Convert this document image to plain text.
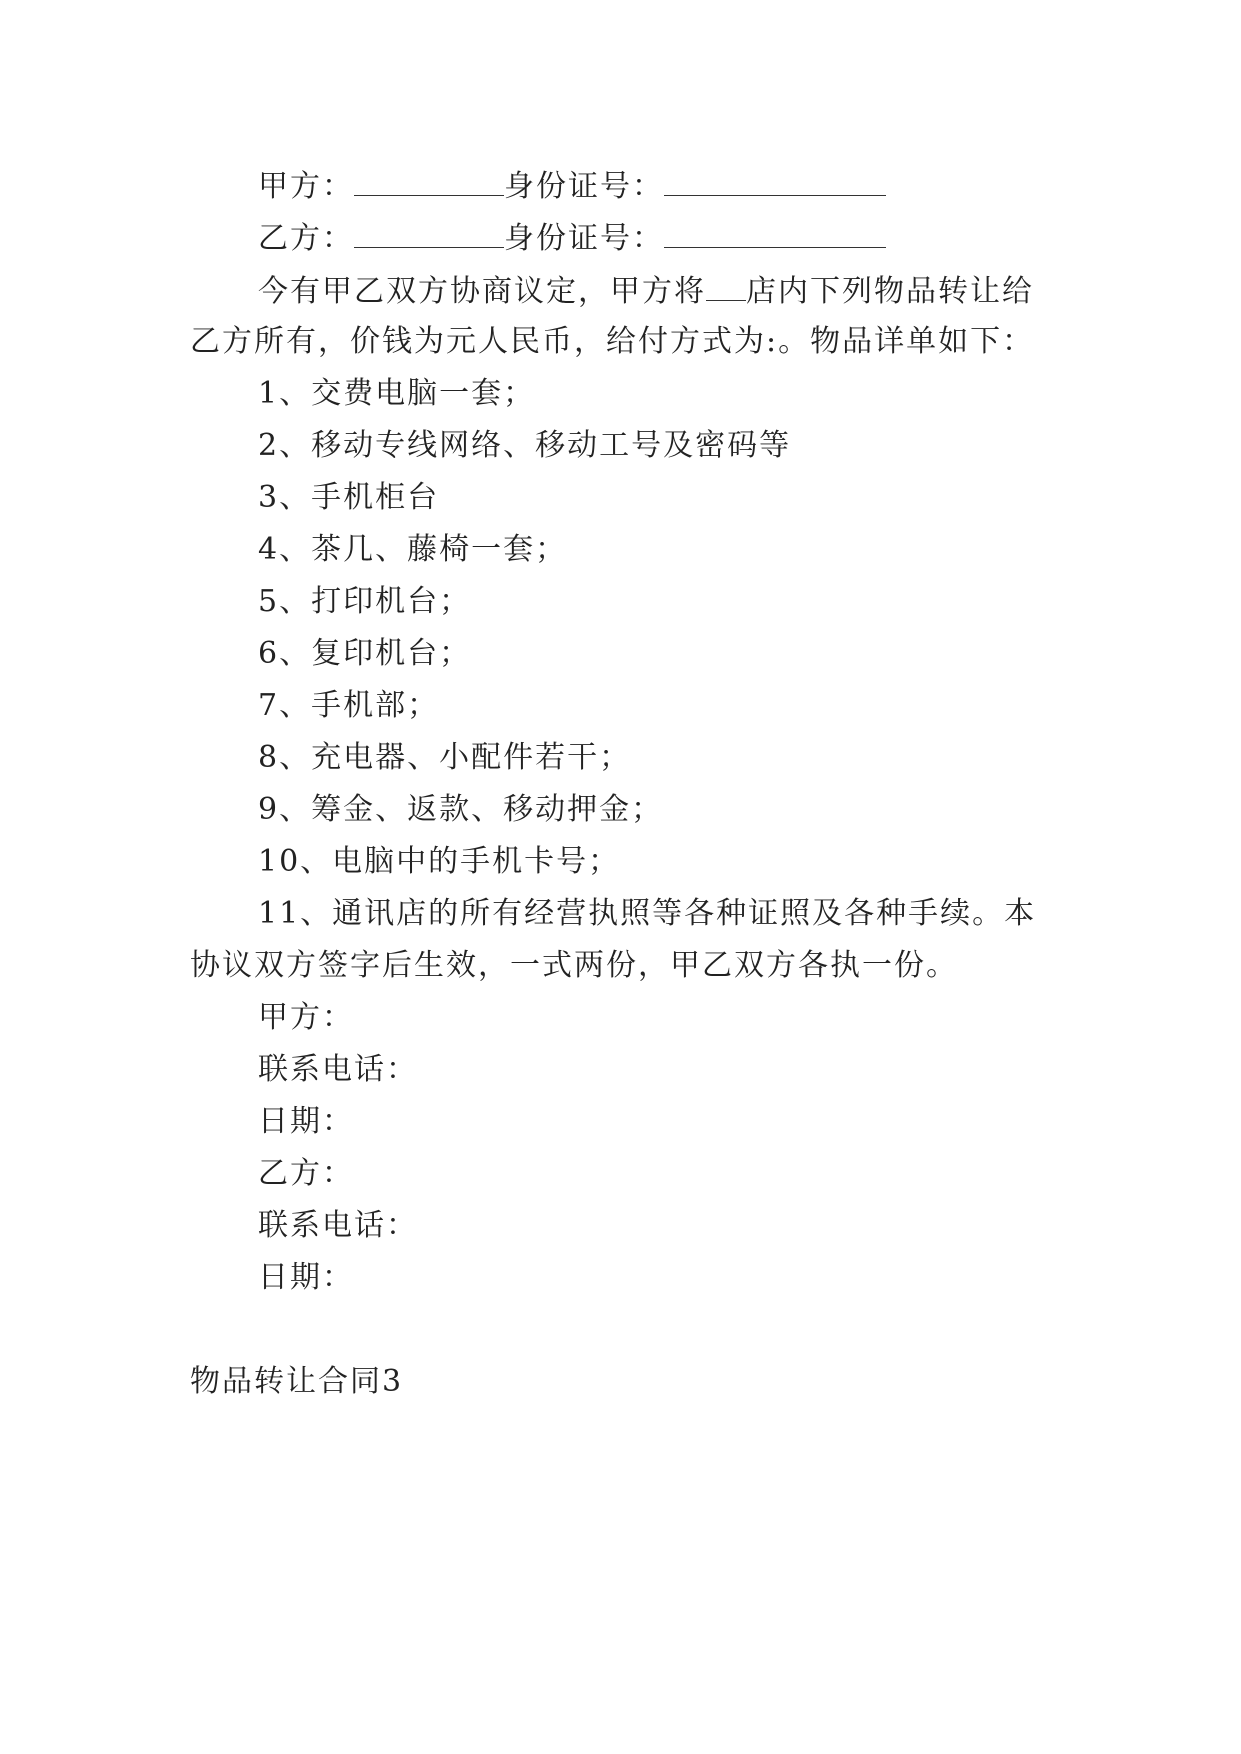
甲方：	身份证号：
乙方：	身份证号：
今有甲乙双方协商议定，甲方将 店内下列物品转让给
乙方所有，价钱为元人民币，给付方式为:。物品详单如下：
1、交费电脑一套；
2、移动专线网络、移动工号及密码等
3、手机柜台
4、茶几、藤椅一套；
5、打印机台；
6、复印机台；
7、手机部；
8、充电器、小配件若干；
9、筹金、返款、移动押金；
10、电脑中的手机卡号；
11、通讯店的所有经营执照等各种证照及各种手续。本
协议双方签字后生效，一式两份，甲乙双方各执一份。
甲方：
联系电话：
日期：
乙方：
联系电话：
日期：
物品转让合同3
